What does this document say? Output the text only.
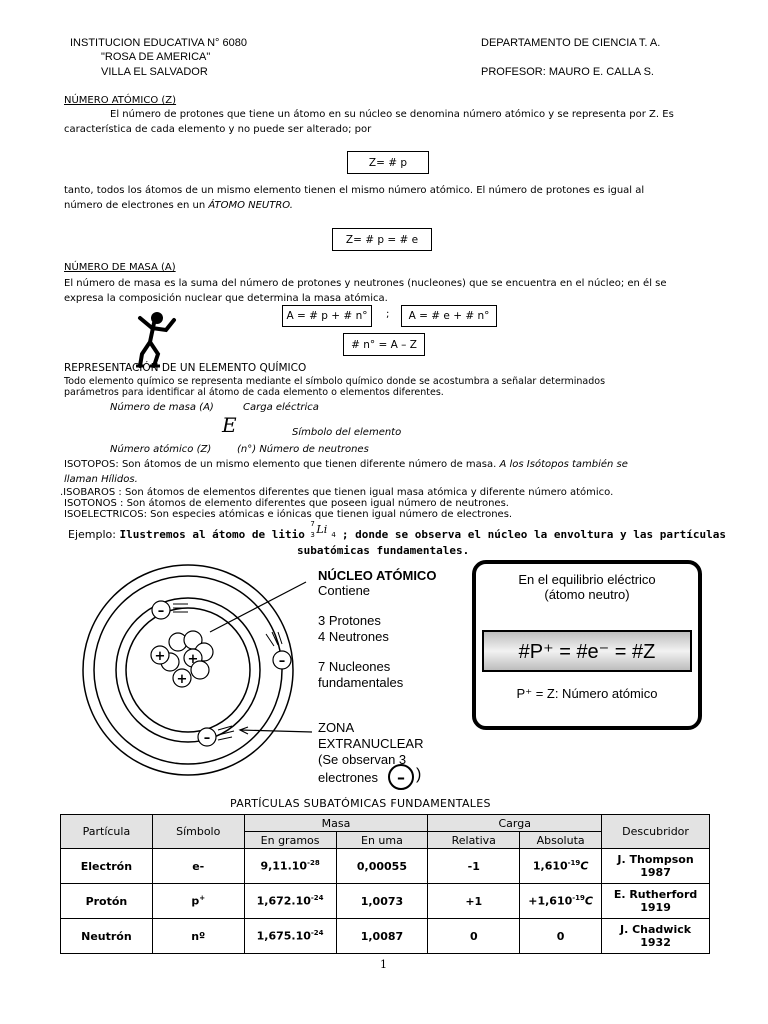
INSTITUCION EDUCATIVA N° 6080
"ROSA DE AMERICA"
VILLA EL SALVADOR
DEPARTAMENTO DE CIENCIA T. A.
PROFESOR: MAURO E. CALLA S.
NÚMERO ATÓMICO (Z)
El número de protones que tiene un átomo en su núcleo se denomina número atómico y se representa por Z. Es
característica de cada elemento y no puede ser alterado; por
Z= # p
tanto, todos los átomos de un mismo elemento tienen el mismo número atómico. El número de protones es igual al
número de electrones en un ÁTOMO NEUTRO.
Z= # p = # e
NÚMERO DE MASA (A)
El número de masa es la suma del número de protones y neutrones (nucleones) que se encuentra en el núcleo; en él se
expresa la composición nuclear que determina la masa atómica.
A = # p + # n° ; A = # e + # n°
# n° = A – Z
REPRESENTACIÓN DE UN ELEMENTO QUÍMICO
Todo elemento químico se representa mediante el símbolo químico donde se acostumbra a señalar determinados
parámetros para identificar al átomo de cada elemento o elementos diferentes.
Número de masa (A)	Carga eléctrica
E	Símbolo del elemento
Número atómico (Z)	(n°) Número de neutrones
ISOTOPOS: Son átomos de un mismo elemento que tienen diferente número de masa. A los Isótopos también se
llaman Hílidos.
.ISOBAROS : Son átomos de elementos diferentes que tienen igual masa atómica y diferente número atómico.
ISOTONOS : Son átomos de elemento diferentes que poseen igual número de neutrones.
ISOELECTRICOS: Son especies atómicas e iónicas que tienen igual número de electrones.
Ejemplo: Ilustremos al átomo de litio
7
3 Li 4 ; donde se observa el núcleo la envoltura y las partículas
subatómicas fundamentales.
+ +
+
–
–
–
NÚCLEO ATÓMICO
Contiene
3 Protones
4 Neutrones
7 Nucleones
fundamentales
ZONA
EXTRANUCLEAR
(Se observan 3
electrones – )
En el equilibrio eléctrico
(átomo neutro)
#P⁺ = #e⁻ = #Z
P⁺ = Z: Número atómico
PARTÍCULAS SUBATÓMICAS FUNDAMENTALES
Partícula	Símbolo	Masa		Carga		Descubridor
		En gramos	En uma	Relativa	Absoluta	
Electrón	e-	$9,11.10^{-28}$	0,00055	-1	$1,610^{-19}C$	J. Thompson
1987

Protón	p+	$1,672.10^{-24}$	1,0073	+1	$+1,610^{-19}C$	E. Rutherford
1919

Neutrón	nº	$1,675.10^{-24}$	1,0087	0	0	J. Chadwick
1932
1
